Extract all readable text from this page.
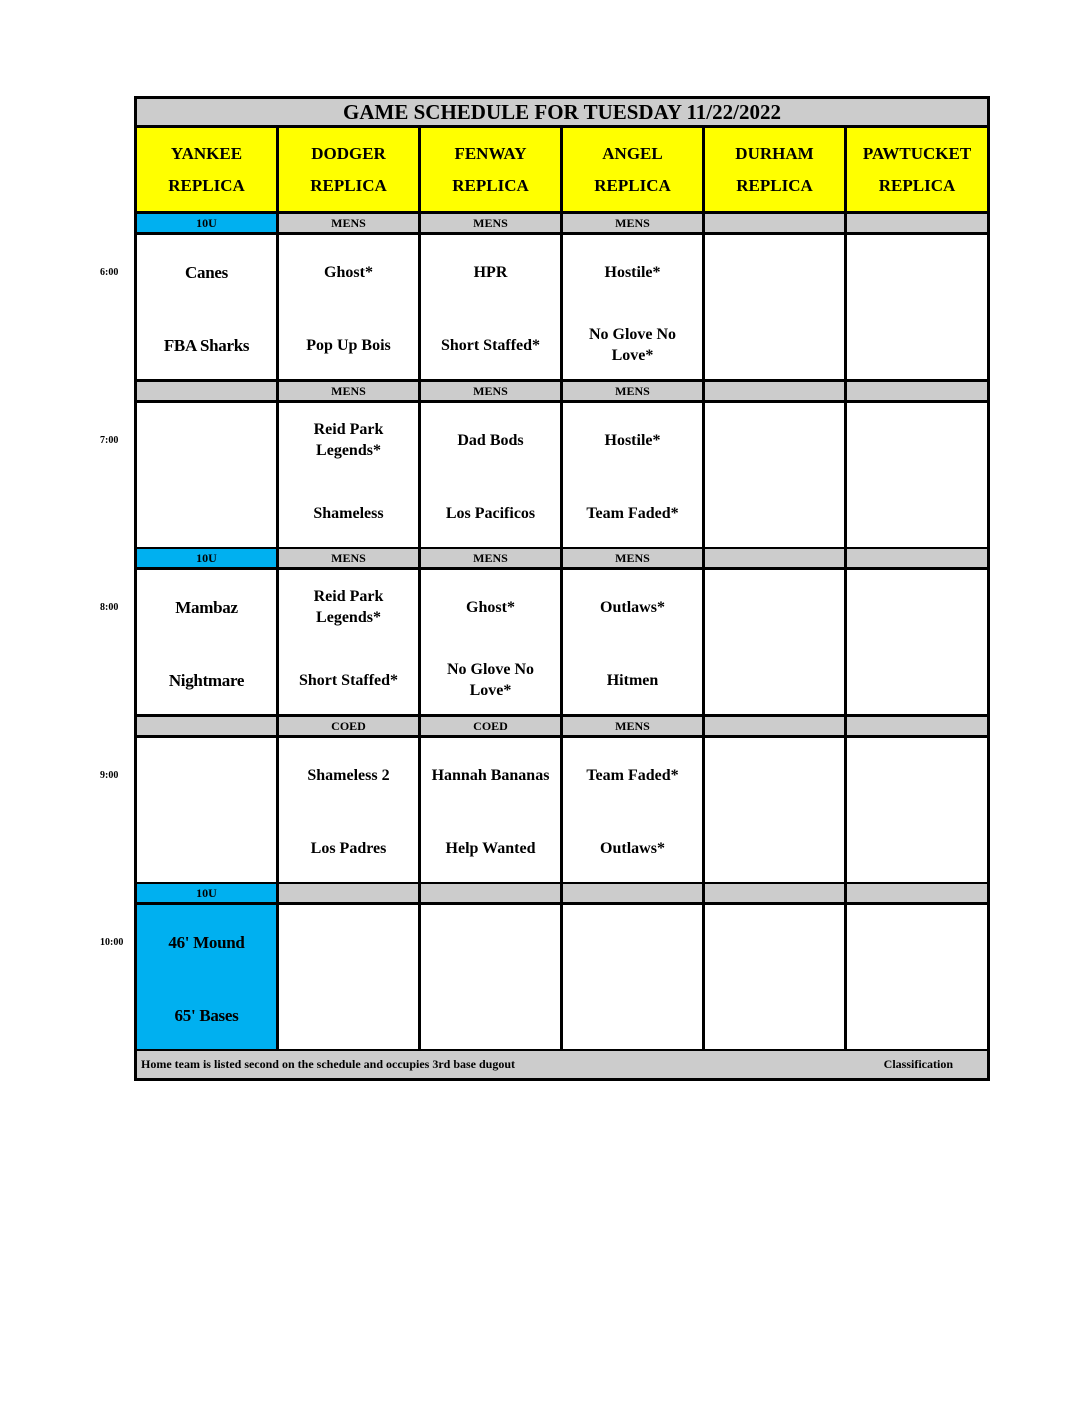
GAME SCHEDULE FOR TUESDAY 11/22/2022
YANKEE
REPLICA
DODGER
REPLICA
FENWAY
REPLICA
ANGEL
REPLICA
DURHAM
REPLICA
PAWTUCKET
REPLICA
10U
Canes
FBA Sharks
MENS
Ghost*
Pop Up Bois
MENS
HPR
Short Staffed*
MENS
Hostile*
No Glove No Love*
MENS
Reid Park Legends*
Shameless
MENS
Dad Bods
Los Pacificos
MENS
Hostile*
Team Faded*
10U
Mambaz
Nightmare
MENS
Reid Park Legends*
Short Staffed*
MENS
Ghost*
No Glove No Love*
MENS
Outlaws*
Hitmen
COED
Shameless 2
Los Padres
COED
Hannah Bananas
Help Wanted
MENS
Team Faded*
Outlaws*
10U
46' Mound
65' Bases
Home team is listed second on the schedule and occupies 3rd base dugout	Classification
6:00
7:00
8:00
9:00
10:00
